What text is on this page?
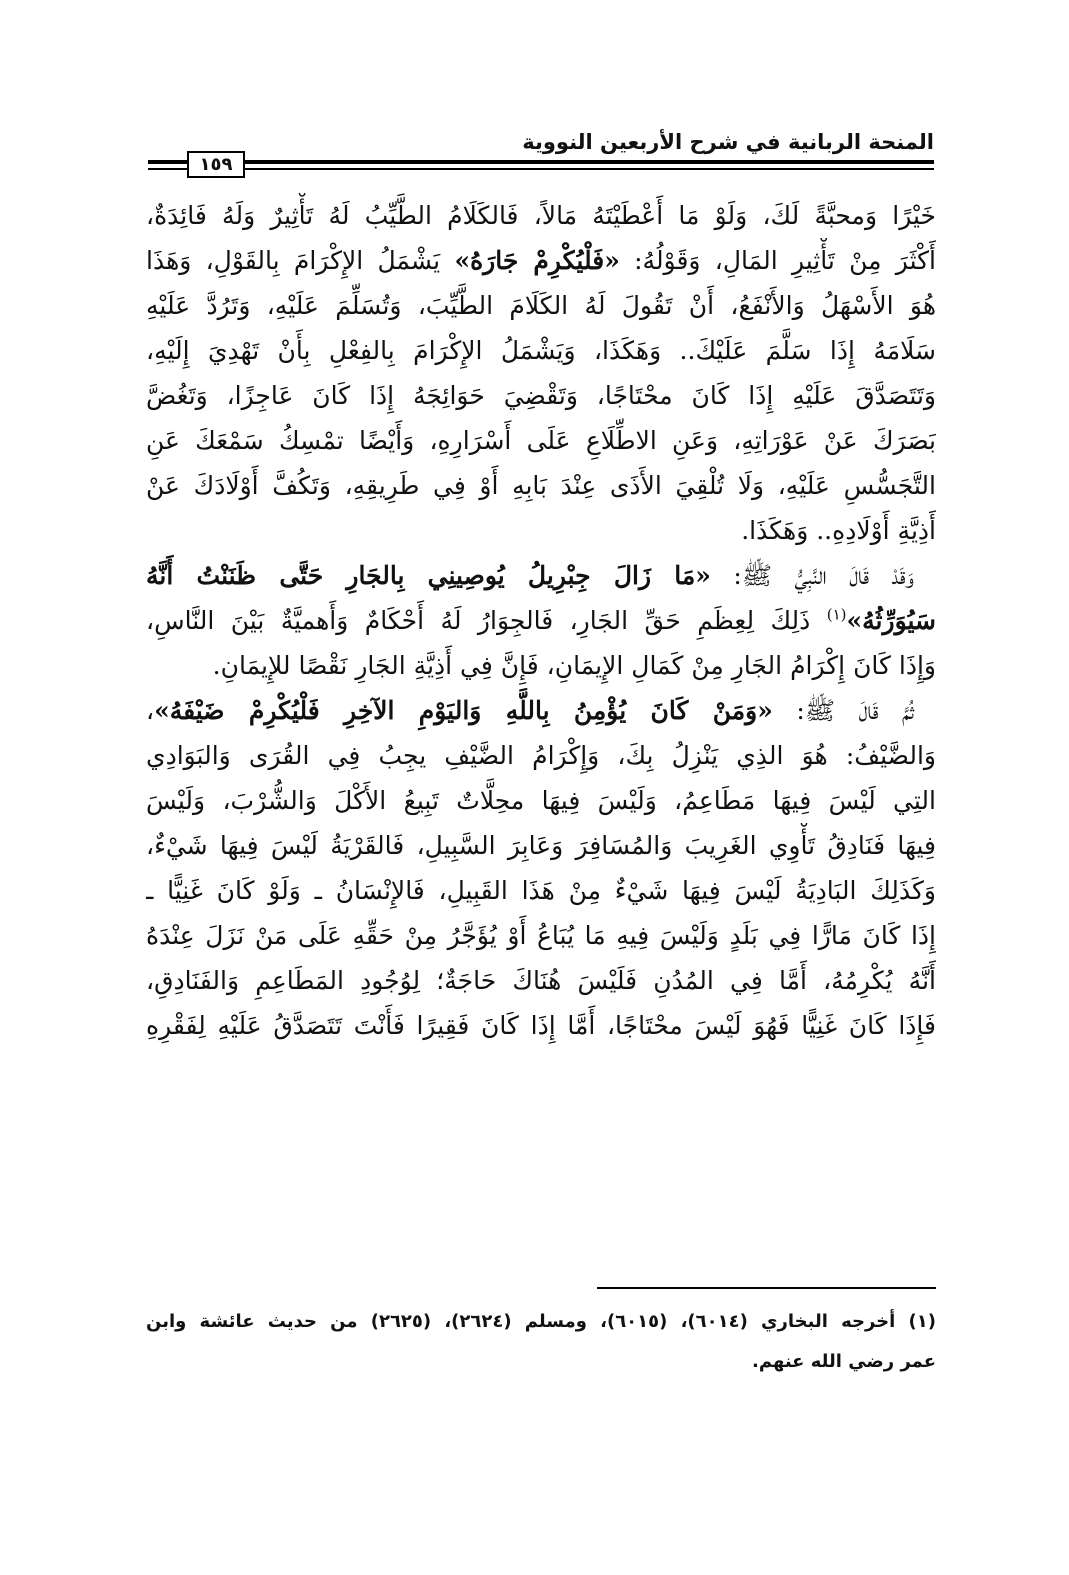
المنحة الربانية في شرح الأربعين النووية
١٥٩
خَيْرًا وَمحبَّةً لَكَ، وَلَوْ مَا أَعْطَيْتَهُ مَالاً، فَالكَلَامُ الطَّيِّبُ لَهُ تَأْثِيرٌ وَلَهُ فَائِدَةٌ،
أَكْثَرَ مِنْ تَأْثِيرِ المَالِ، وَقَوْلُهُ: «فَلْيُكْرِمْ جَارَهُ» يَشْمَلُ الإِكْرَامَ بِالقَوْلِ، وَهَذَا
هُوَ الأَسْهَلُ وَالأَنْفَعُ، أَنْ تَقُولَ لَهُ الكَلَامَ الطَّيِّبَ، وَتُسَلِّمَ عَلَيْهِ، وَتَرُدَّ عَلَيْهِ
سَلَامَهُ إِذَا سَلَّمَ عَلَيْكَ.. وَهَكَذَا، وَيَشْمَلُ الإِكْرَامَ بِالفِعْلِ بِأَنْ تَهْدِيَ إِلَيْهِ،
وَتَتَصَدَّقَ عَلَيْهِ إِذَا كَانَ محْتَاجًا، وَتَقْضِيَ حَوَائِجَهُ إِذَا كَانَ عَاجِزًا، وَتَغُضَّ
بَصَرَكَ عَنْ عَوْرَاتِهِ، وَعَنِ الاطِّلَاعِ عَلَى أَسْرَارِهِ، وَأَيْضًا تمْسِكُ سَمْعَكَ عَنِ
التَّجَسُّسِ عَلَيْهِ، وَلَا تُلْقِيَ الأَذَى عِنْدَ بَابِهِ أَوْ فِي طَرِيقِهِ، وَتَكُفَّ أَوْلَادَكَ عَنْ
أَذِيَّةِ أَوْلَادِهِ.. وَهَكَذَا.
وَقَدْ قَالَ النَّبِيُّ ﷺ: «مَا زَالَ جِبْرِيلُ يُوصِينِي بِالجَارِ حَتَّى ظَنَنْتُ أَنَّهُ
سَيُوَرِّثُهُ»$^{(١)}$ ذَلِكَ لِعِظَمِ حَقِّ الجَارِ، فَالجِوَارُ لَهُ أَحْكَامٌ وَأَهميَّةٌ بَيْنَ النَّاسِ،
وَإِذَا كَانَ إِكْرَامُ الجَارِ مِنْ كَمَالِ الإِيمَانِ، فَإِنَّ فِي أَذِيَّةِ الجَارِ نَقْصًا للإِيمَانِ.
ثُمَّ قَالَ ﷺ: «وَمَنْ كَانَ يُؤْمِنُ بِاللَّهِ وَاليَوْمِ الآخِرِ فَلْيُكْرِمْ ضَيْفَهُ»،
وَالضَّيْفُ: هُوَ الذِي يَنْزِلُ بِكَ، وَإِكْرَامُ الضَّيْفِ يجِبُ فِي القُرَى وَالبَوَادِي
التِي لَيْسَ فِيهَا مَطَاعِمُ، وَلَيْسَ فِيهَا محِلَّاتٌ تَبِيعُ الأَكْلَ وَالشُّرْبَ، وَلَيْسَ
فِيهَا فَنَادِقُ تَأْوِي الغَرِيبَ وَالمُسَافِرَ وَعَابِرَ السَّبِيلِ، فَالقَرْيَةُ لَيْسَ فِيهَا شَيْءٌ،
وَكَذَلِكَ البَادِيَةُ لَيْسَ فِيهَا شَيْءٌ مِنْ هَذَا القَبِيلِ، فَالإِنْسَانُ ـ وَلَوْ كَانَ غَنِيًّا ـ
إِذَا كَانَ مَارًّا فِي بَلَدٍ وَلَيْسَ فِيهِ مَا يُبَاعُ أَوْ يُؤَجَّرُ مِنْ حَقِّهِ عَلَى مَنْ نَزَلَ عِنْدَهُ
أَنَّهُ يُكْرِمُهُ، أَمَّا فِي المُدُنِ فَلَيْسَ هُنَاكَ حَاجَةٌ؛ لِوُجُودِ المَطَاعِمِ وَالفَنَادِقِ،
فَإِذَا كَانَ غَنِيًّا فَهُوَ لَيْسَ محْتَاجًا، أَمَّا إِذَا كَانَ فَقِيرًا فَأَنْتَ تَتَصَدَّقُ عَلَيْهِ لِفَقْرِهِ
(١) أخرجه البخاري (٦٠١٤)، (٦٠١٥)، ومسلم (٢٦٢٤)، (٢٦٢٥) من حديث عائشة وابن
عمر رضي الله عنهم.
